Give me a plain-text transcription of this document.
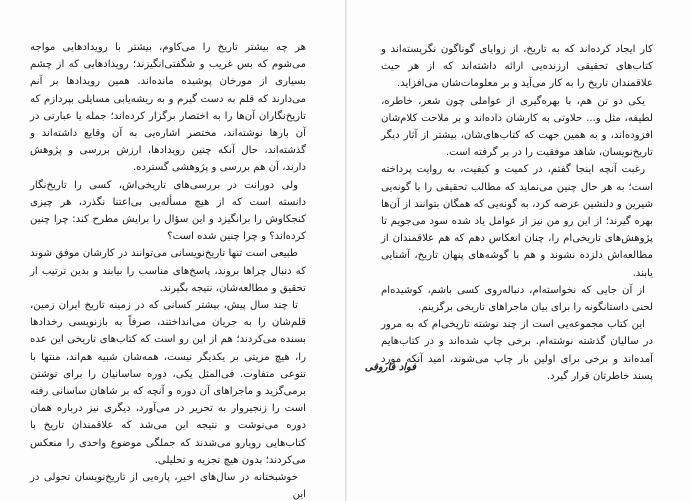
کار ایجاد کرده‌اند که به تاریخ، از زوایای گوناگون نگریسته‌اند و کتاب‌های تحقیقی ارزنده‌یی ارائه داشته‌اند که از هر حیث علاقمندان تاریخ را به کار می‌آید و بر معلومات‌شان می‌افزاید.

یکی دو تن هم، با بهره‌گیری از عواملی چون شعر، خاطره، لطیفه، مثل و... حلاوتی به کارشان داده‌اند و بر ملاحت کلام‌شان افزوده‌اند، و به همین جهت که کتاب‌های‌شان، بیشتر از آثار دیگر تاریخ‌نویسان، شاهد موفقیت را در بر گرفته است.

رغبت آنچه اینجا گفتم، در کمیت و کیفیت، به روایت پرداخته است؛ به هر حال چنین می‌نماید که مطالب تحقیقی را با گونه‌یی شیرین و دلنشین عرضه کرد، به گونه‌یی که همگان بتوانند از آن‌ها بهره گیرند؛ از این رو من نیز از عوامل یاد شده سود می‌جویم تا پژوهش‌های تاریخی‌ام را، چنان انعکاس دهم که هم علاقمندان از مطالعه‌اش دلزده نشوند و هم با گوشه‌های پنهان تاریخ، آشنایی یابند.

از آن جایی که نخواسته‌ام، دنباله‌روی کسی باشم، کوشیده‌ام لحنی داستانگونه را برای بیان ماجراهای تاریخی برگزینم.

این کتاب مجموعه‌یی است از چند نوشته تاریخی‌ام که به مرور در سالیان گذشته نوشته‌ام. برخی چاپ شده‌اند و در کتاب‌هایم آمده‌اند و برخی برای اولین بار چاپ می‌شوند، امید آنکه مورد پسند خاطرتان قرار گیرد.

فواد فاروقی

هر چه بیشتر تاریخ را می‌کاوم، بیشتر با رویدادهایی مواجه می‌شوم که بس غریب و شگفتی‌انگیزند؛ رویدادهایی که از چشم بسیاری از مورخان پوشیده مانده‌اند. همین رویدادها بر آنم می‌دارند که قلم به دست گیرم و به ریشه‌یابی مسایلی بپردازم که تاریخ‌نگاران آن‌ها را به اختصار برگزار کرده‌اند؛ جمله یا عبارتی در آن بارها نوشته‌اند، مختصر اشاره‌یی به آن وقایع داشته‌اند و گذشته‌اند، حال آنکه چنین رویدادها، ارزش بررسی و پژوهش دارند، آن هم بررسی و پژوهشی گسترده.

ولی دورانت در بررسی‌های تاریخی‌اش، کسی را تاریخ‌نگار دانسته است که از هیچ مسأله‌یی بی‌اعتنا نگذرد، هر چیزی کنجکاوش را برانگیزد و این سؤال را برایش مطرح کند: چرا چنین کرده‌اند؟ و چرا چنین شده است؟

طبیعی است تنها تاریخ‌نویسانی می‌توانند در کارشان موفق شوند که دنبال چراها بروند، پاسخ‌های مناسب را بیابند و بدین ترتیب از تحقیق و مطالعه‌شان، نتیجه بگیرند.

تا چند سال پیش، بیشتر کسانی که در زمینه تاریخ ایران زمین، قلم‌شان را به جریان می‌انداختند، صرفاً به بازنویسی رخدادها بسنده می‌کردند؛ هم از این رو است که کتاب‌های تاریخی این عده را، هیچ مزیتی بر یکدیگر نیست، همه‌شان شبیه هم‌اند، منتها با تنوعی متفاوت. فی‌المثل یکی، دوره ساسانیان را برای نوشتن برمی‌گزید و ماجراهای آن دوره و آنچه که بر شاهان ساسانی رفته است را زنجیروار به تحریر در می‌آورد، دیگری نیز درباره همان دوره می‌نوشت و نتیجه این می‌شد که علاقمندان تاریخ با کتاب‌هایی رویارو می‌شدند که جملگی موضوع واحدی را منعکس می‌کردند؛ بدون هیچ تجزیه و تحلیلی.

خوشبختانه در سال‌های اخیر، پاره‌یی از تاریخ‌نویسان تحولی در این
